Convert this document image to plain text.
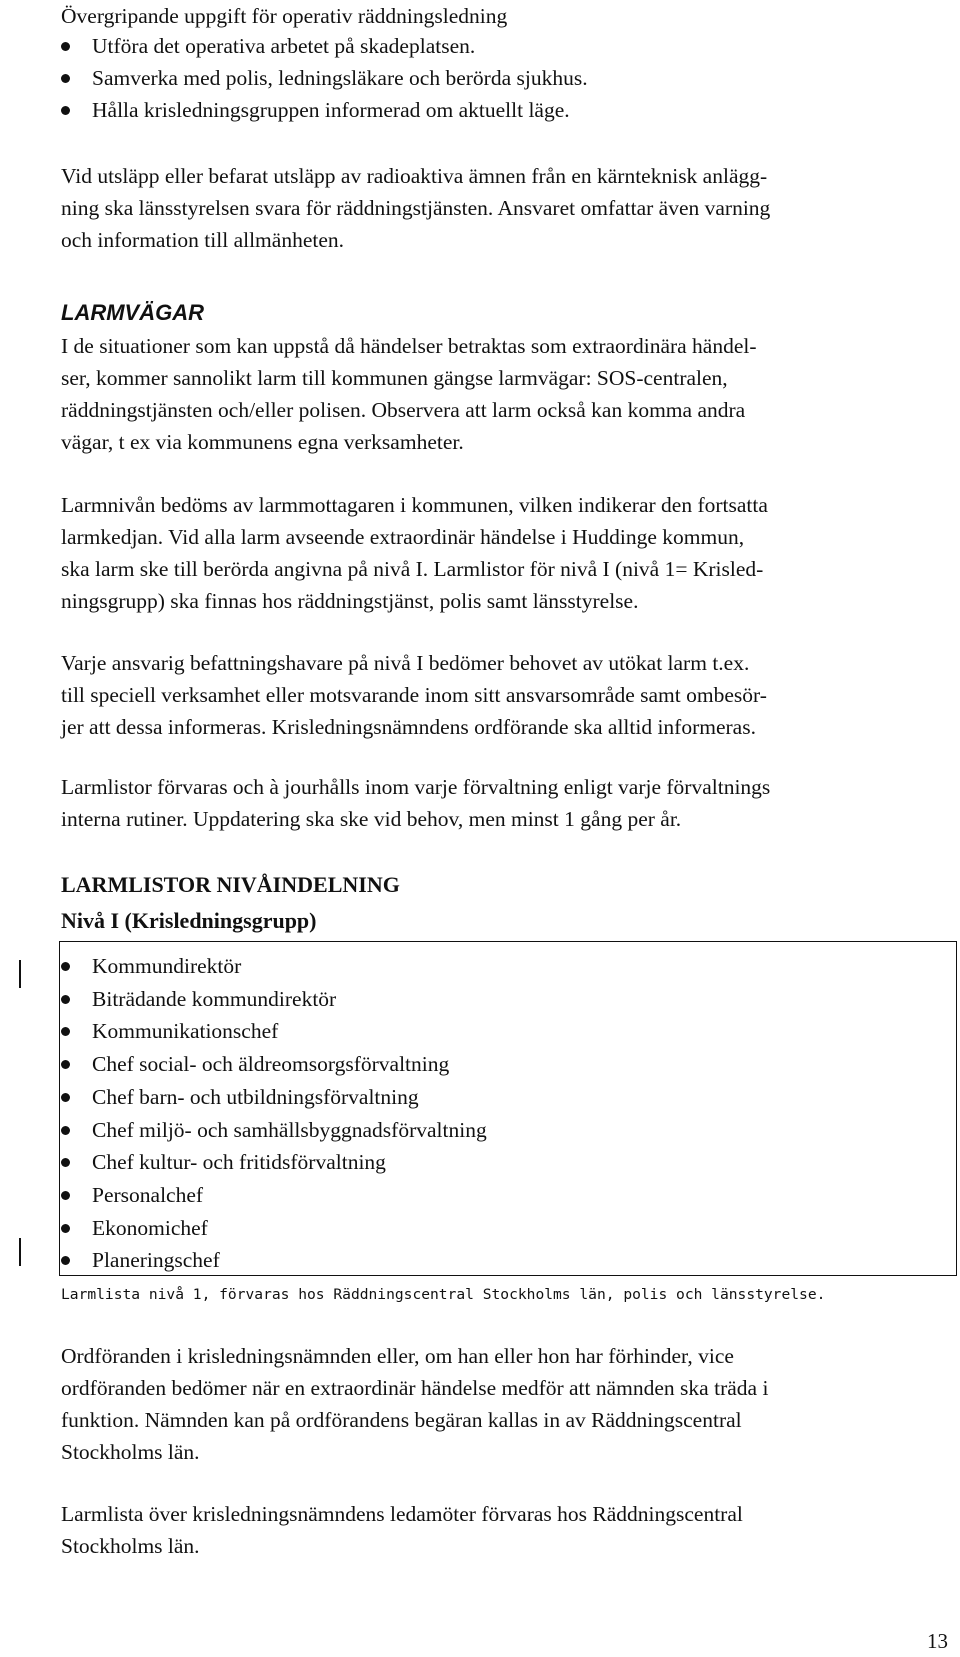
Övergripande uppgift för operativ räddningsledning

Utföra det operativa arbetet på skadeplatsen.
Samverka med polis, ledningsläkare och berörda sjukhus.
Hålla krisledningsgruppen informerad om aktuellt läge.
Vid utsläpp eller befarat utsläpp av radioaktiva ämnen från en kärnteknisk anlägg-
ning ska länsstyrelsen svara för räddningstjänsten. Ansvaret omfattar även varning
och information till allmänheten.
LARMVÄGAR
I de situationer som kan uppstå då händelser betraktas som extraordinära händel-
ser, kommer sannolikt larm till kommunen gängse larmvägar: SOS-centralen,
räddningstjänsten och/eller polisen. Observera att larm också kan komma andra
vägar, t ex via kommunens egna verksamheter.
Larmnivån bedöms av larmmottagaren i kommunen, vilken indikerar den fortsatta
larmkedjan. Vid alla larm avseende extraordinär händelse i Huddinge kommun,
ska larm ske till berörda angivna på nivå I. Larmlistor för nivå I (nivå 1= Krisled-
ningsgrupp) ska finnas hos räddningstjänst, polis samt länsstyrelse.
Varje ansvarig befattningshavare på nivå I bedömer behovet av utökat larm t.ex.
till speciell verksamhet eller motsvarande inom sitt ansvarsområde samt ombesör-
jer att dessa informeras. Krisledningsnämndens ordförande ska alltid informeras.
Larmlistor förvaras och à jourhålls inom varje förvaltning enligt varje förvaltnings
interna rutiner. Uppdatering ska ske vid behov, men minst 1 gång per år.
LARMLISTOR NIVÅINDELNING
Nivå I (Krisledningsgrupp)
Kommundirektör
Biträdande kommundirektör
Kommunikationschef
Chef social- och äldreomsorgsförvaltning
Chef barn- och utbildningsförvaltning
Chef miljö- och samhällsbyggnadsförvaltning
Chef kultur- och fritidsförvaltning
Personalchef
Ekonomichef
Planeringschef

Larmlista nivå 1, förvaras hos Räddningscentral Stockholms län, polis och länsstyrelse.

Ordföranden i krisledningsnämnden eller, om han eller hon har förhinder, vice
ordföranden bedömer när en extraordinär händelse medför att nämnden ska träda i
funktion. Nämnden kan på ordförandens begäran kallas in av Räddningscentral
Stockholms län.
Larmlista över krisledningsnämndens ledamöter förvaras hos Räddningscentral
Stockholms län.
13
